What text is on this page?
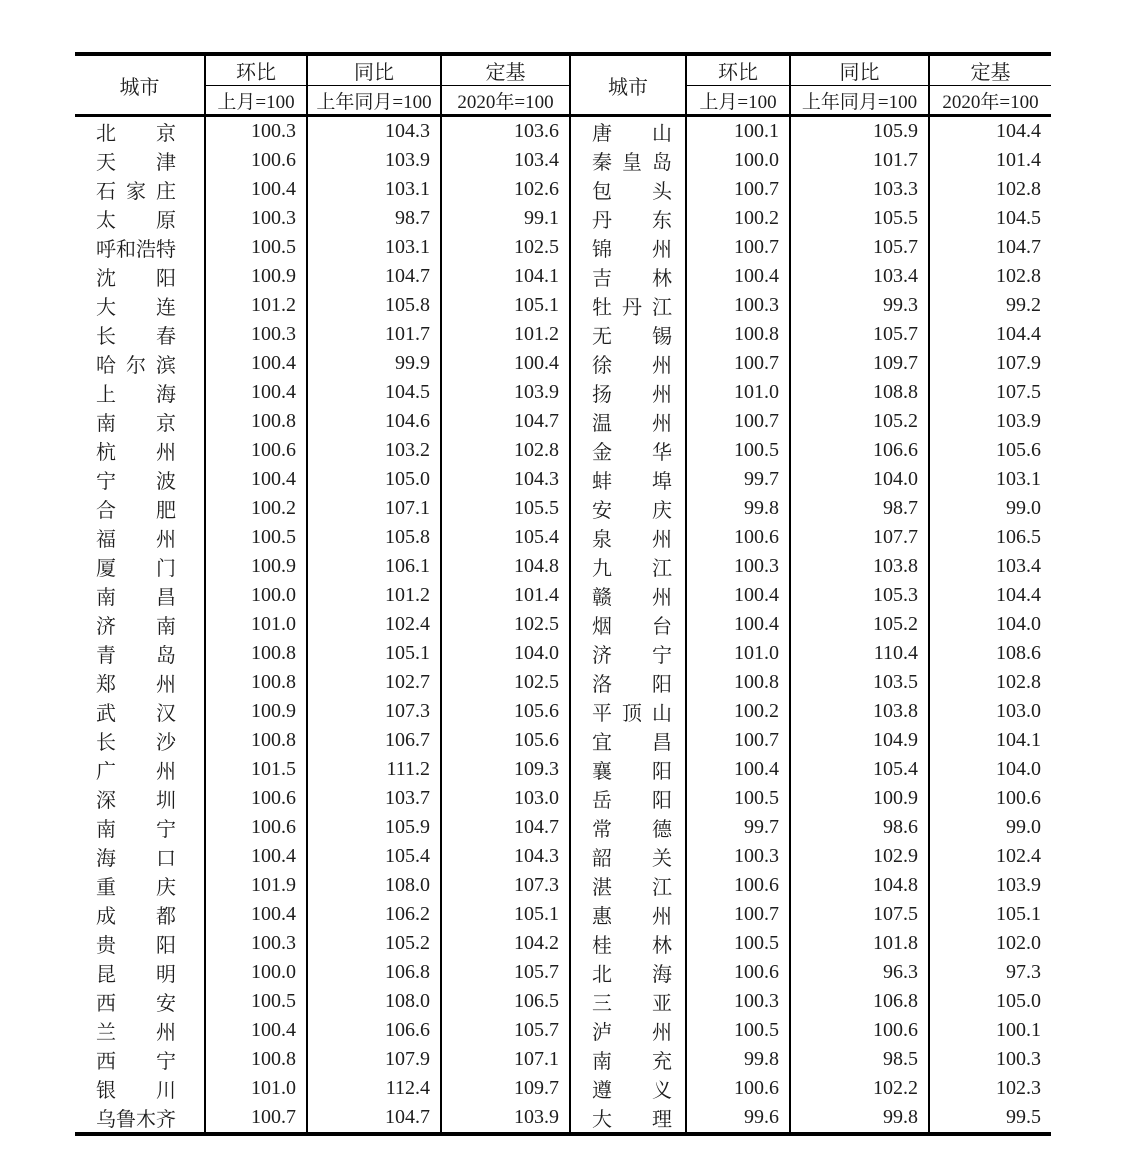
城市	环比	同比	定基	城市	环比	同比	定基
	上月=100	上年同月=100	2020年=100		上月=100	上年同月=100	2020年=100
北京	100.3	104.3	103.6	唐山	100.1	105.9	104.4
天津	100.6	103.9	103.4	秦皇岛	100.0	101.7	101.4
石家庄	100.4	103.1	102.6	包头	100.7	103.3	102.8
太原	100.3	98.7	99.1	丹东	100.2	105.5	104.5
呼和浩特	100.5	103.1	102.5	锦州	100.7	105.7	104.7
沈阳	100.9	104.7	104.1	吉林	100.4	103.4	102.8
大连	101.2	105.8	105.1	牡丹江	100.3	99.3	99.2
长春	100.3	101.7	101.2	无锡	100.8	105.7	104.4
哈尔滨	100.4	99.9	100.4	徐州	100.7	109.7	107.9
上海	100.4	104.5	103.9	扬州	101.0	108.8	107.5
南京	100.8	104.6	104.7	温州	100.7	105.2	103.9
杭州	100.6	103.2	102.8	金华	100.5	106.6	105.6
宁波	100.4	105.0	104.3	蚌埠	99.7	104.0	103.1
合肥	100.2	107.1	105.5	安庆	99.8	98.7	99.0
福州	100.5	105.8	105.4	泉州	100.6	107.7	106.5
厦门	100.9	106.1	104.8	九江	100.3	103.8	103.4
南昌	100.0	101.2	101.4	赣州	100.4	105.3	104.4
济南	101.0	102.4	102.5	烟台	100.4	105.2	104.0
青岛	100.8	105.1	104.0	济宁	101.0	110.4	108.6
郑州	100.8	102.7	102.5	洛阳	100.8	103.5	102.8
武汉	100.9	107.3	105.6	平顶山	100.2	103.8	103.0
长沙	100.8	106.7	105.6	宜昌	100.7	104.9	104.1
广州	101.5	111.2	109.3	襄阳	100.4	105.4	104.0
深圳	100.6	103.7	103.0	岳阳	100.5	100.9	100.6
南宁	100.6	105.9	104.7	常德	99.7	98.6	99.0
海口	100.4	105.4	104.3	韶关	100.3	102.9	102.4
重庆	101.9	108.0	107.3	湛江	100.6	104.8	103.9
成都	100.4	106.2	105.1	惠州	100.7	107.5	105.1
贵阳	100.3	105.2	104.2	桂林	100.5	101.8	102.0
昆明	100.0	106.8	105.7	北海	100.6	96.3	97.3
西安	100.5	108.0	106.5	三亚	100.3	106.8	105.0
兰州	100.4	106.6	105.7	泸州	100.5	100.6	100.1
西宁	100.8	107.9	107.1	南充	99.8	98.5	100.3
银川	101.0	112.4	109.7	遵义	100.6	102.2	102.3
乌鲁木齐	100.7	104.7	103.9	大理	99.6	99.8	99.5
